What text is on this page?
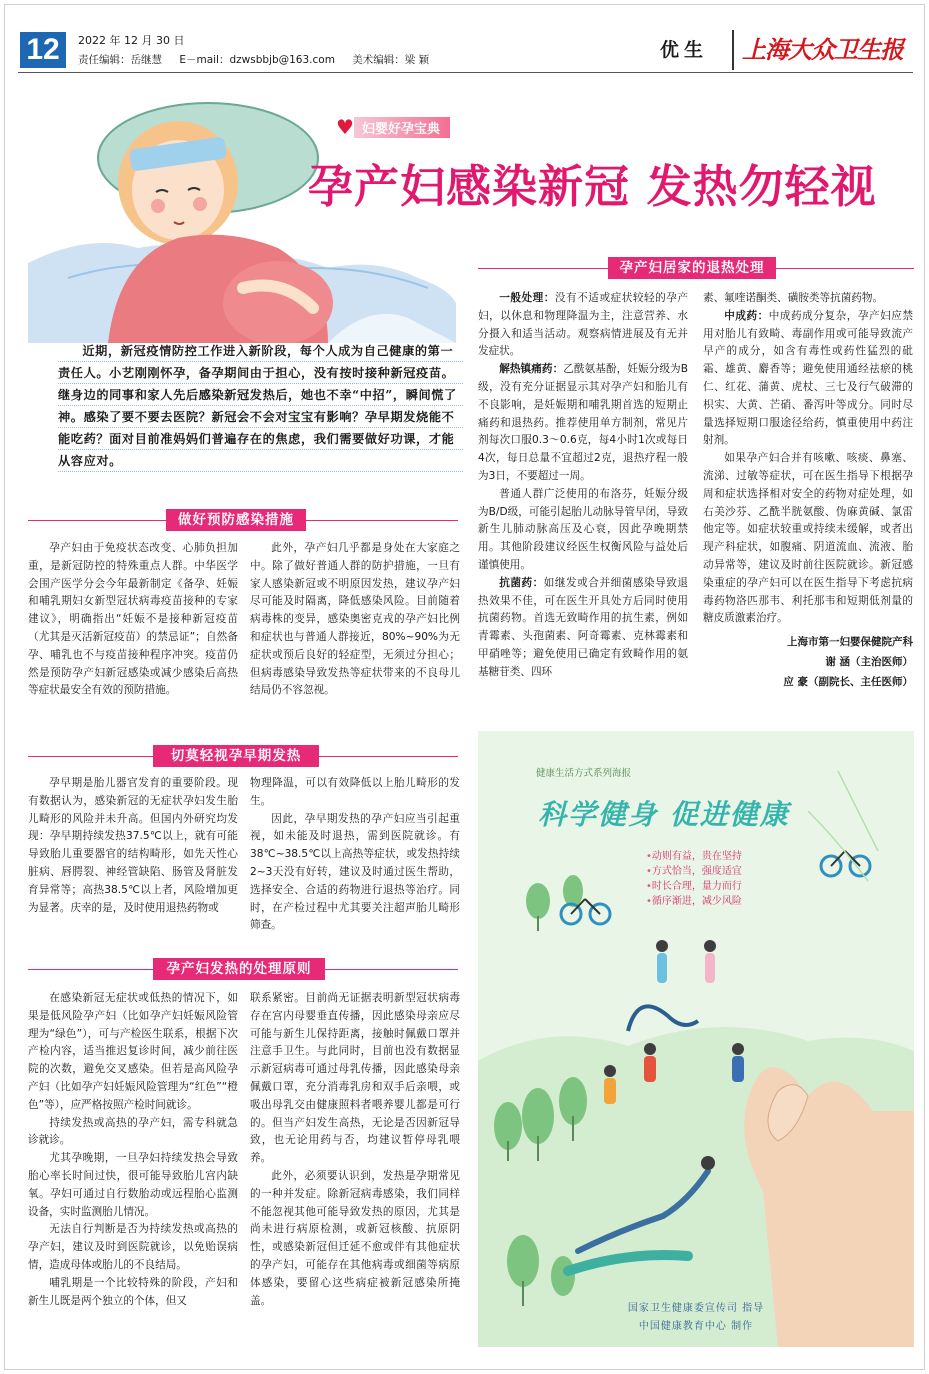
12	2022 年 12 月 30 日
责任编辑：岳继慧 E－mail：dzwsbbjb@163.com 美术编辑：梁 颖	优生 上海大众卫生报
♥ 妇婴好孕宝典
孕产妇感染新冠 发热勿轻视
近期，新冠疫情防控工作进入新阶段，每个人成为自己健康的第一责任人。小艺刚刚怀孕，备孕期间由于担心，没有按时接种新冠疫苗。继身边的同事和家人先后感染新冠发热后，她也不幸“中招”，瞬间慌了神。感染了要不要去医院？新冠会不会对宝宝有影响？孕早期发烧能不能吃药？面对目前准妈妈们普遍存在的焦虑，我们需要做好功课，才能从容应对。
做好预防感染措施

孕产妇由于免疫状态改变、心肺负担加重，是新冠防控的特殊重点人群。中华医学会围产医学分会今年最新制定《备孕、妊娠和哺乳期妇女新型冠状病毒疫苗接种的专家建议》，明确指出“妊娠不是接种新冠疫苗（尤其是灭活新冠疫苗）的禁忌证”；自然备孕、哺乳也不与疫苗接种程序冲突。疫苗仍然是预防孕产妇新冠感染或减少感染后高热等症状最安全有效的预防措施。

此外，孕产妇几乎都是身处在大家庭之中。除了做好普通人群的防护措施，一旦有家人感染新冠或不明原因发热，建议孕产妇尽可能及时隔离，降低感染风险。目前随着病毒株的变异，感染奥密克戎的孕产妇比例和症状也与普通人群接近，80%~90%为无症状或预后良好的轻症型，无须过分担心；但病毒感染导致发热等症状带来的不良母儿结局仍不容忽视。

切莫轻视孕早期发热

孕早期是胎儿器官发育的重要阶段。现有数据认为，感染新冠的无症状孕妇发生胎儿畸形的风险并未升高。但国内外研究均发现：孕早期持续发热37.5℃以上，就有可能导致胎儿重要器官的结构畸形，如先天性心脏病、唇腭裂、神经管缺陷、肠管及肾脏发育异常等；高热38.5℃以上者，风险增加更为显著。庆幸的是，及时使用退热药物或

物理降温，可以有效降低以上胎儿畸形的发生。

因此，孕早期发热的孕产妇应当引起重视，如未能及时退热，需到医院就诊。有38℃~38.5℃以上高热等症状，或发热持续2~3天没有好转，建议及时通过医生帮助，选择安全、合适的药物进行退热等治疗。同时，在产检过程中尤其要关注超声胎儿畸形筛查。

孕产妇发热的处理原则

在感染新冠无症状或低热的情况下，如果是低风险孕产妇（比如孕产妇妊娠风险管理为“绿色”），可与产检医生联系，根据下次产检内容，适当推迟复诊时间，减少前往医院的次数，避免交叉感染。但若是高风险孕产妇（比如孕产妇妊娠风险管理为“红色”“橙色”等），应严格按照产检时间就诊。

持续发热或高热的孕产妇，需专科就急诊就诊。

尤其孕晚期，一旦孕妇持续发热会导致胎心率长时间过快，很可能导致胎儿宫内缺氧。孕妇可通过自行数胎动或远程胎心监测设备，实时监测胎儿情况。

无法自行判断是否为持续发热或高热的孕产妇，建议及时到医院就诊，以免贻误病情，造成母体或胎儿的不良结局。

哺乳期是一个比较特殊的阶段，产妇和新生儿既是两个独立的个体，但又

联系紧密。目前尚无证据表明新型冠状病毒存在宫内母婴垂直传播，因此感染母亲应尽可能与新生儿保持距离，接触时佩戴口罩并注意手卫生。与此同时，目前也没有数据显示新冠病毒可通过母乳传播，因此感染母亲佩戴口罩，充分消毒乳房和双手后亲喂，或吸出母乳交由健康照料者喂养婴儿都是可行的。但当产妇发生高热，无论是否因新冠导致，也无论用药与否，均建议暂停母乳喂养。

此外，必须要认识到，发热是孕期常见的一种并发症。除新冠病毒感染，我们同样不能忽视其他可能导致发热的原因，尤其是尚未进行病原检测，或新冠核酸、抗原阴性，或感染新冠但迁延不愈或伴有其他症状的孕产妇，可能存在其他病毒或细菌等病原体感染，要留心这些病症被新冠感染所掩盖。

孕产妇居家的退热处理

一般处理：没有不适或症状较轻的孕产妇，以休息和物理降温为主，注意营养、水分摄入和适当活动。观察病情进展及有无并发症状。

解热镇痛药：乙酰氨基酚，妊娠分级为B级，没有充分证据显示其对孕产妇和胎儿有不良影响，是妊娠期和哺乳期首选的短期止痛药和退热药。推荐使用单方制剂，常见片剂每次口服0.3～0.6克，每4小时1次或每日4次，每日总量不宜超过2克，退热疗程一般为3日，不要超过一周。

普通人群广泛使用的布洛芬，妊娠分级为B/D级，可能引起胎儿动脉导管早闭，导致新生儿肺动脉高压及心衰，因此孕晚期禁用。其他阶段建议经医生权衡风险与益处后谨慎使用。

抗菌药：如继发或合并细菌感染导致退热效果不佳，可在医生开具处方后同时使用抗菌药物。首选无致畸作用的抗生素，例如青霉素、头孢菌素、阿奇霉素、克林霉素和甲硝唑等；避免使用已确定有致畸作用的氨基糖苷类、四环

素、氟喹诺酮类、磺胺类等抗菌药物。

中成药：中成药成分复杂，孕产妇应禁用对胎儿有致畸、毒副作用或可能导致流产早产的成分，如含有毒性或药性猛烈的砒霜、雄黄、麝香等；避免使用通经祛瘀的桃仁、红花、蒲黄、虎杖、三七及行气破滞的枳实、大黄、芒硝、番泻叶等成分。同时尽量选择短期口服途径给药，慎重使用中药注射剂。

如果孕产妇合并有咳嗽、咳痰、鼻塞、流涕、过敏等症状，可在医生指导下根据孕周和症状选择相对安全的药物对症处理，如右美沙芬、乙酰半胱氨酸、伪麻黄碱、氯雷他定等。如症状较重或持续未缓解，或者出现产科症状，如腹痛、阴道流血、流液、胎动异常等，建议及时前往医院就诊。新冠感染重症的孕产妇可以在医生指导下考虑抗病毒药物洛匹那韦、利托那韦和短期低剂量的糖皮质激素治疗。

上海市第一妇婴保健院产科
谢 涵（主治医师）
应 豪（副院长、主任医师）
健康生活方式系列海报
科学健身 促进健康
• 动则有益，贵在坚持
• 方式恰当，强度适宜
• 时长合理，量力而行
• 循序渐进，减少风险
国家卫生健康委宣传司 指导
中国健康教育中心 制作
